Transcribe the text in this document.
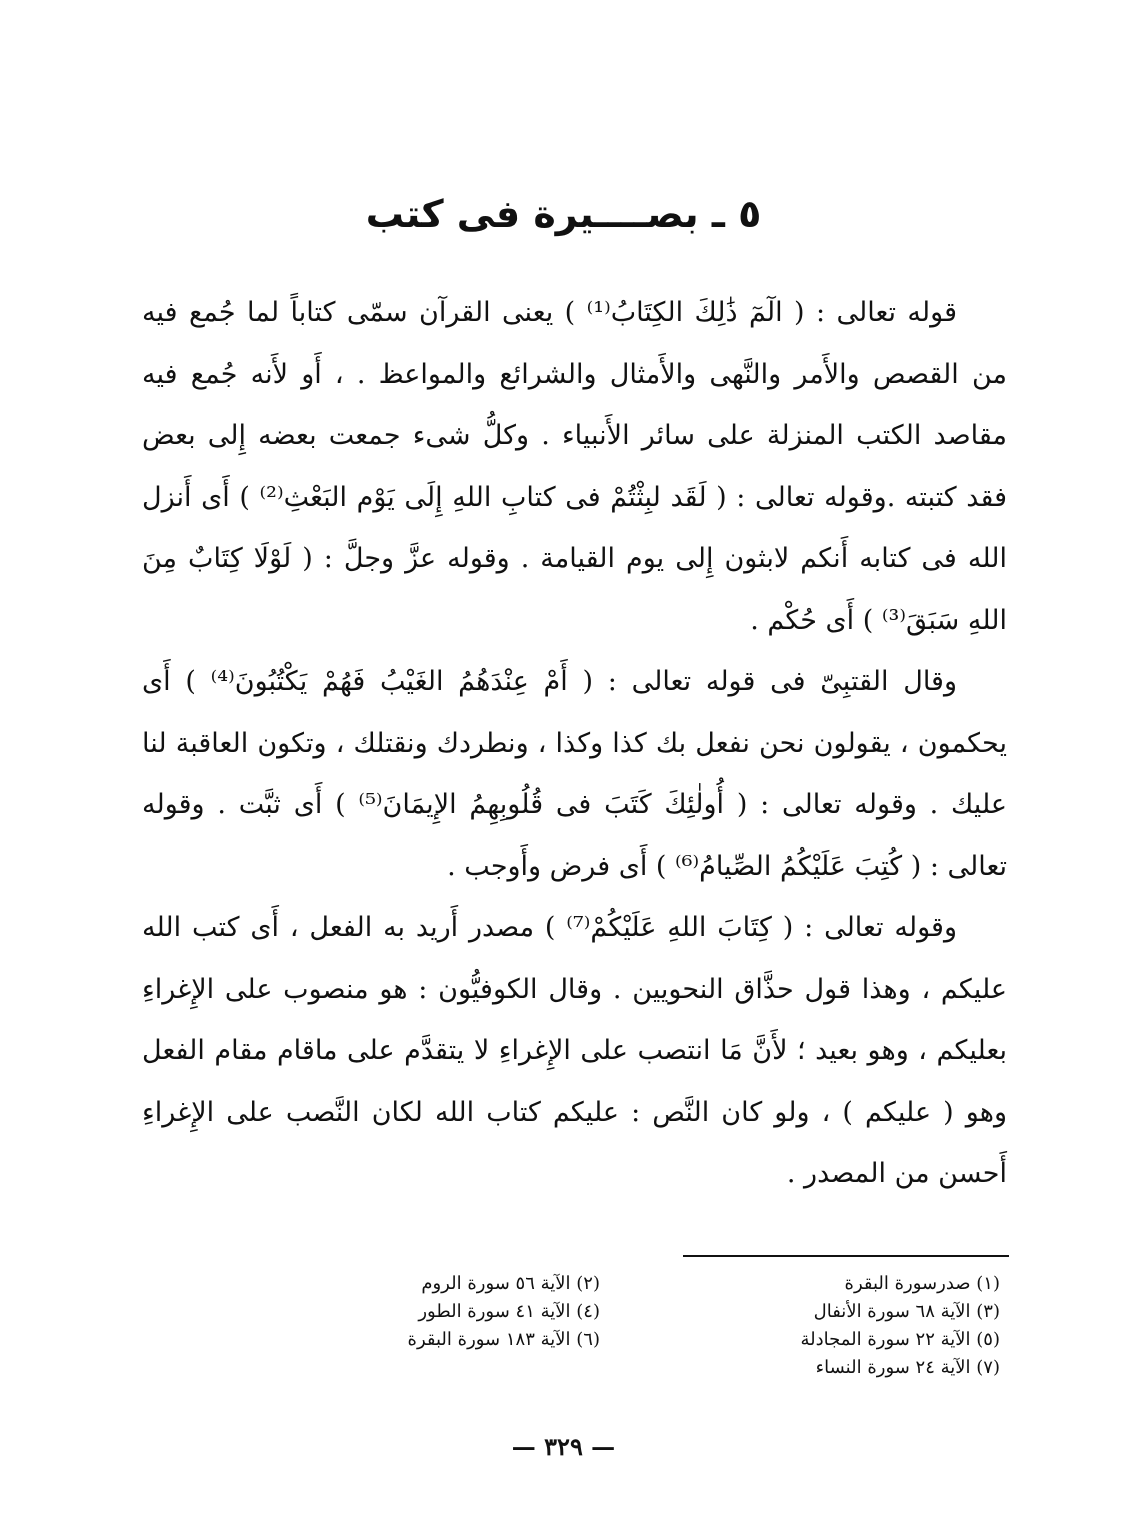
٥ ـ بصــــيرة فى كتب

قوله تعالى : ( الٓمٓ ذَٰلِكَ الكِتَابُ⁽¹⁾ ) يعنى القرآن سمّى كتاباً لما جُمع فيه من القصص والأَمر والنَّهى والأَمثال والشرائع والمواعظ . ، أَو لأَنه جُمع فيه مقاصد الكتب المنزلة على سائر الأَنبياء . وكلُّ شىء جمعت بعضه إِلى بعض فقد كتبته .وقوله تعالى : ( لَقَد لبِثْتُمْ فى كتابِ اللهِ إِلَى يَوْم البَعْثِ⁽²⁾ ) أَى أَنزل الله فى كتابه أَنكم لابثون إِلى يوم القيامة . وقوله عزَّ وجلَّ : ( لَوْلَا كِتَابٌ مِنَ اللهِ سَبَقَ⁽³⁾ ) أَى حُكْم .

وقال القتبِىّ فى قوله تعالى : ( أَمْ عِنْدَهُمُ الغَيْبُ فَهُمْ يَكْتُبُونَ⁽⁴⁾ ) أَى يحكمون ، يقولون نحن نفعل بك كذا وكذا ، ونطردك ونقتلك ، وتكون العاقبة لنا عليك . وقوله تعالى : ( أُولٰئِكَ كَتَبَ فى قُلُوبِهِمُ الإِيمَانَ⁽⁵⁾ ) أَى ثبَّت . وقوله تعالى : ( كُتِبَ عَلَيْكُمُ الصِّيامُ⁽⁶⁾ ) أَى فرض وأَوجب .

وقوله تعالى : ( كِتَابَ اللهِ عَلَيْكُمْ⁽⁷⁾ ) مصدر أَريد به الفعل ، أَى كتب الله عليكم ، وهذا قول حذَّاق النحويين . وقال الكوفيُّون : هو منصوب على الإِغراءِ بعليكم ، وهو بعيد ؛ لأَنَّ مَا انتصب على الإِغراءِ لا يتقدَّم على ماقام مقام الفعل وهو ( عليكم ) ، ولو كان النَّص : عليكم كتاب الله لكان النَّصب على الإِغراءِ أَحسن من المصدر .

(١) صدرسورة البقرة
(٣) الآية ٦٨ سورة الأنفال
(٥) الآية ٢٢ سورة المجادلة
(٧) الآية ٢٤ سورة النساء
(٢) الآية ٥٦ سورة الروم
(٤) الآية ٤١ سورة الطور
(٦) الآية ١٨٣ سورة البقرة
— ٣٢٩ —
